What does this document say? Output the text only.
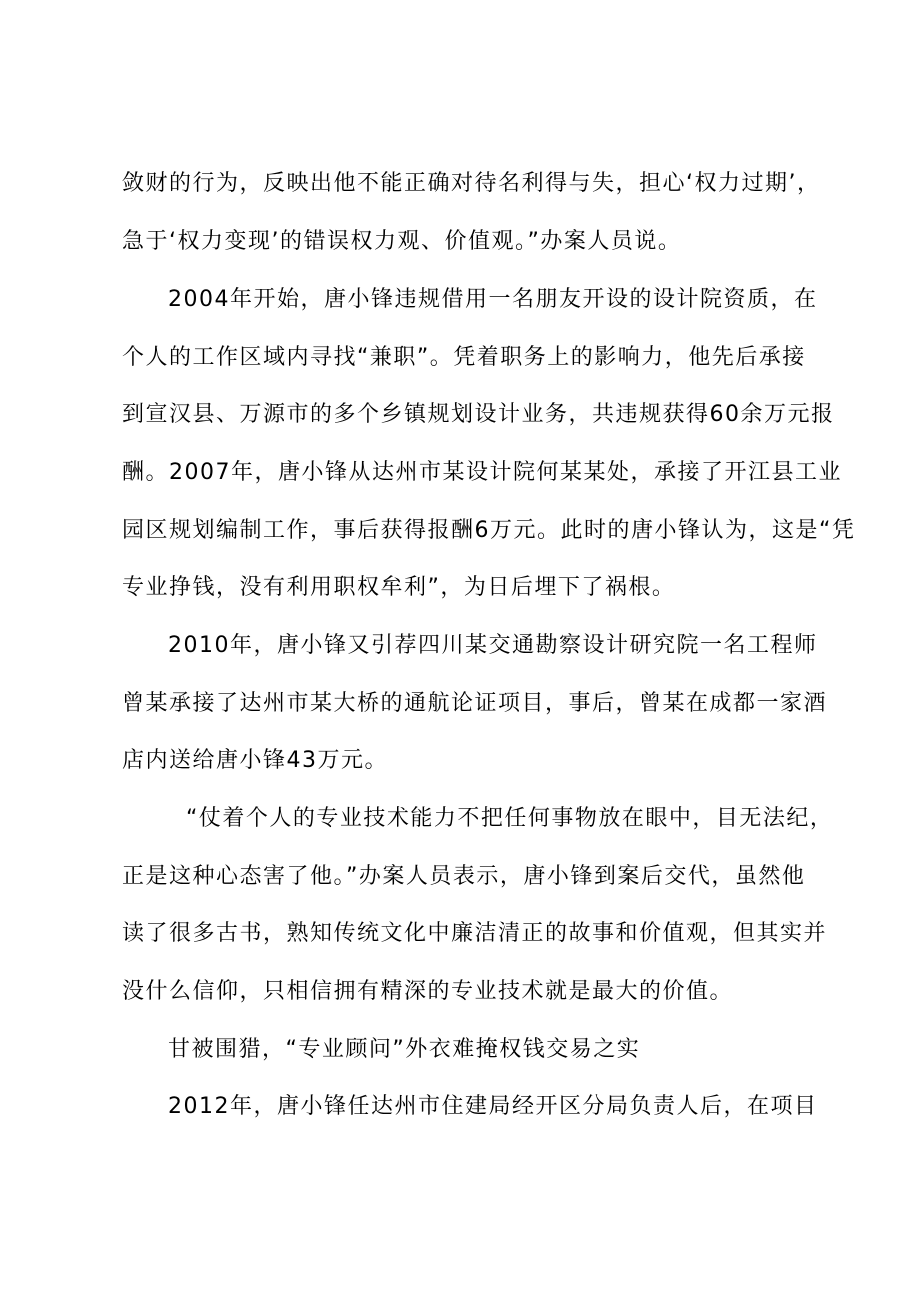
敛财的行为，反映出他不能正确对待名利得与失，担心‘权力过期’，
急于‘权力变现’的错误权力观、价值观。”办案人员说。
2004年开始，唐小锋违规借用一名朋友开设的设计院资质，在
个人的工作区域内寻找“兼职”。凭着职务上的影响力，他先后承接
到宣汉县、万源市的多个乡镇规划设计业务，共违规获得60余万元报
酬。2007年，唐小锋从达州市某设计院何某某处，承接了开江县工业
园区规划编制工作，事后获得报酬6万元。此时的唐小锋认为，这是“凭
专业挣钱，没有利用职权牟利”，为日后埋下了祸根。
2010年，唐小锋又引荐四川某交通勘察设计研究院一名工程师
曾某承接了达州市某大桥的通航论证项目，事后，曾某在成都一家酒
店内送给唐小锋43万元。
“仗着个人的专业技术能力不把任何事物放在眼中，目无法纪，
正是这种心态害了他。”办案人员表示，唐小锋到案后交代，虽然他
读了很多古书，熟知传统文化中廉洁清正的故事和价值观，但其实并
没什么信仰，只相信拥有精深的专业技术就是最大的价值。
甘被围猎，“专业顾问”外衣难掩权钱交易之实
2012年，唐小锋任达州市住建局经开区分局负责人后，在项目
